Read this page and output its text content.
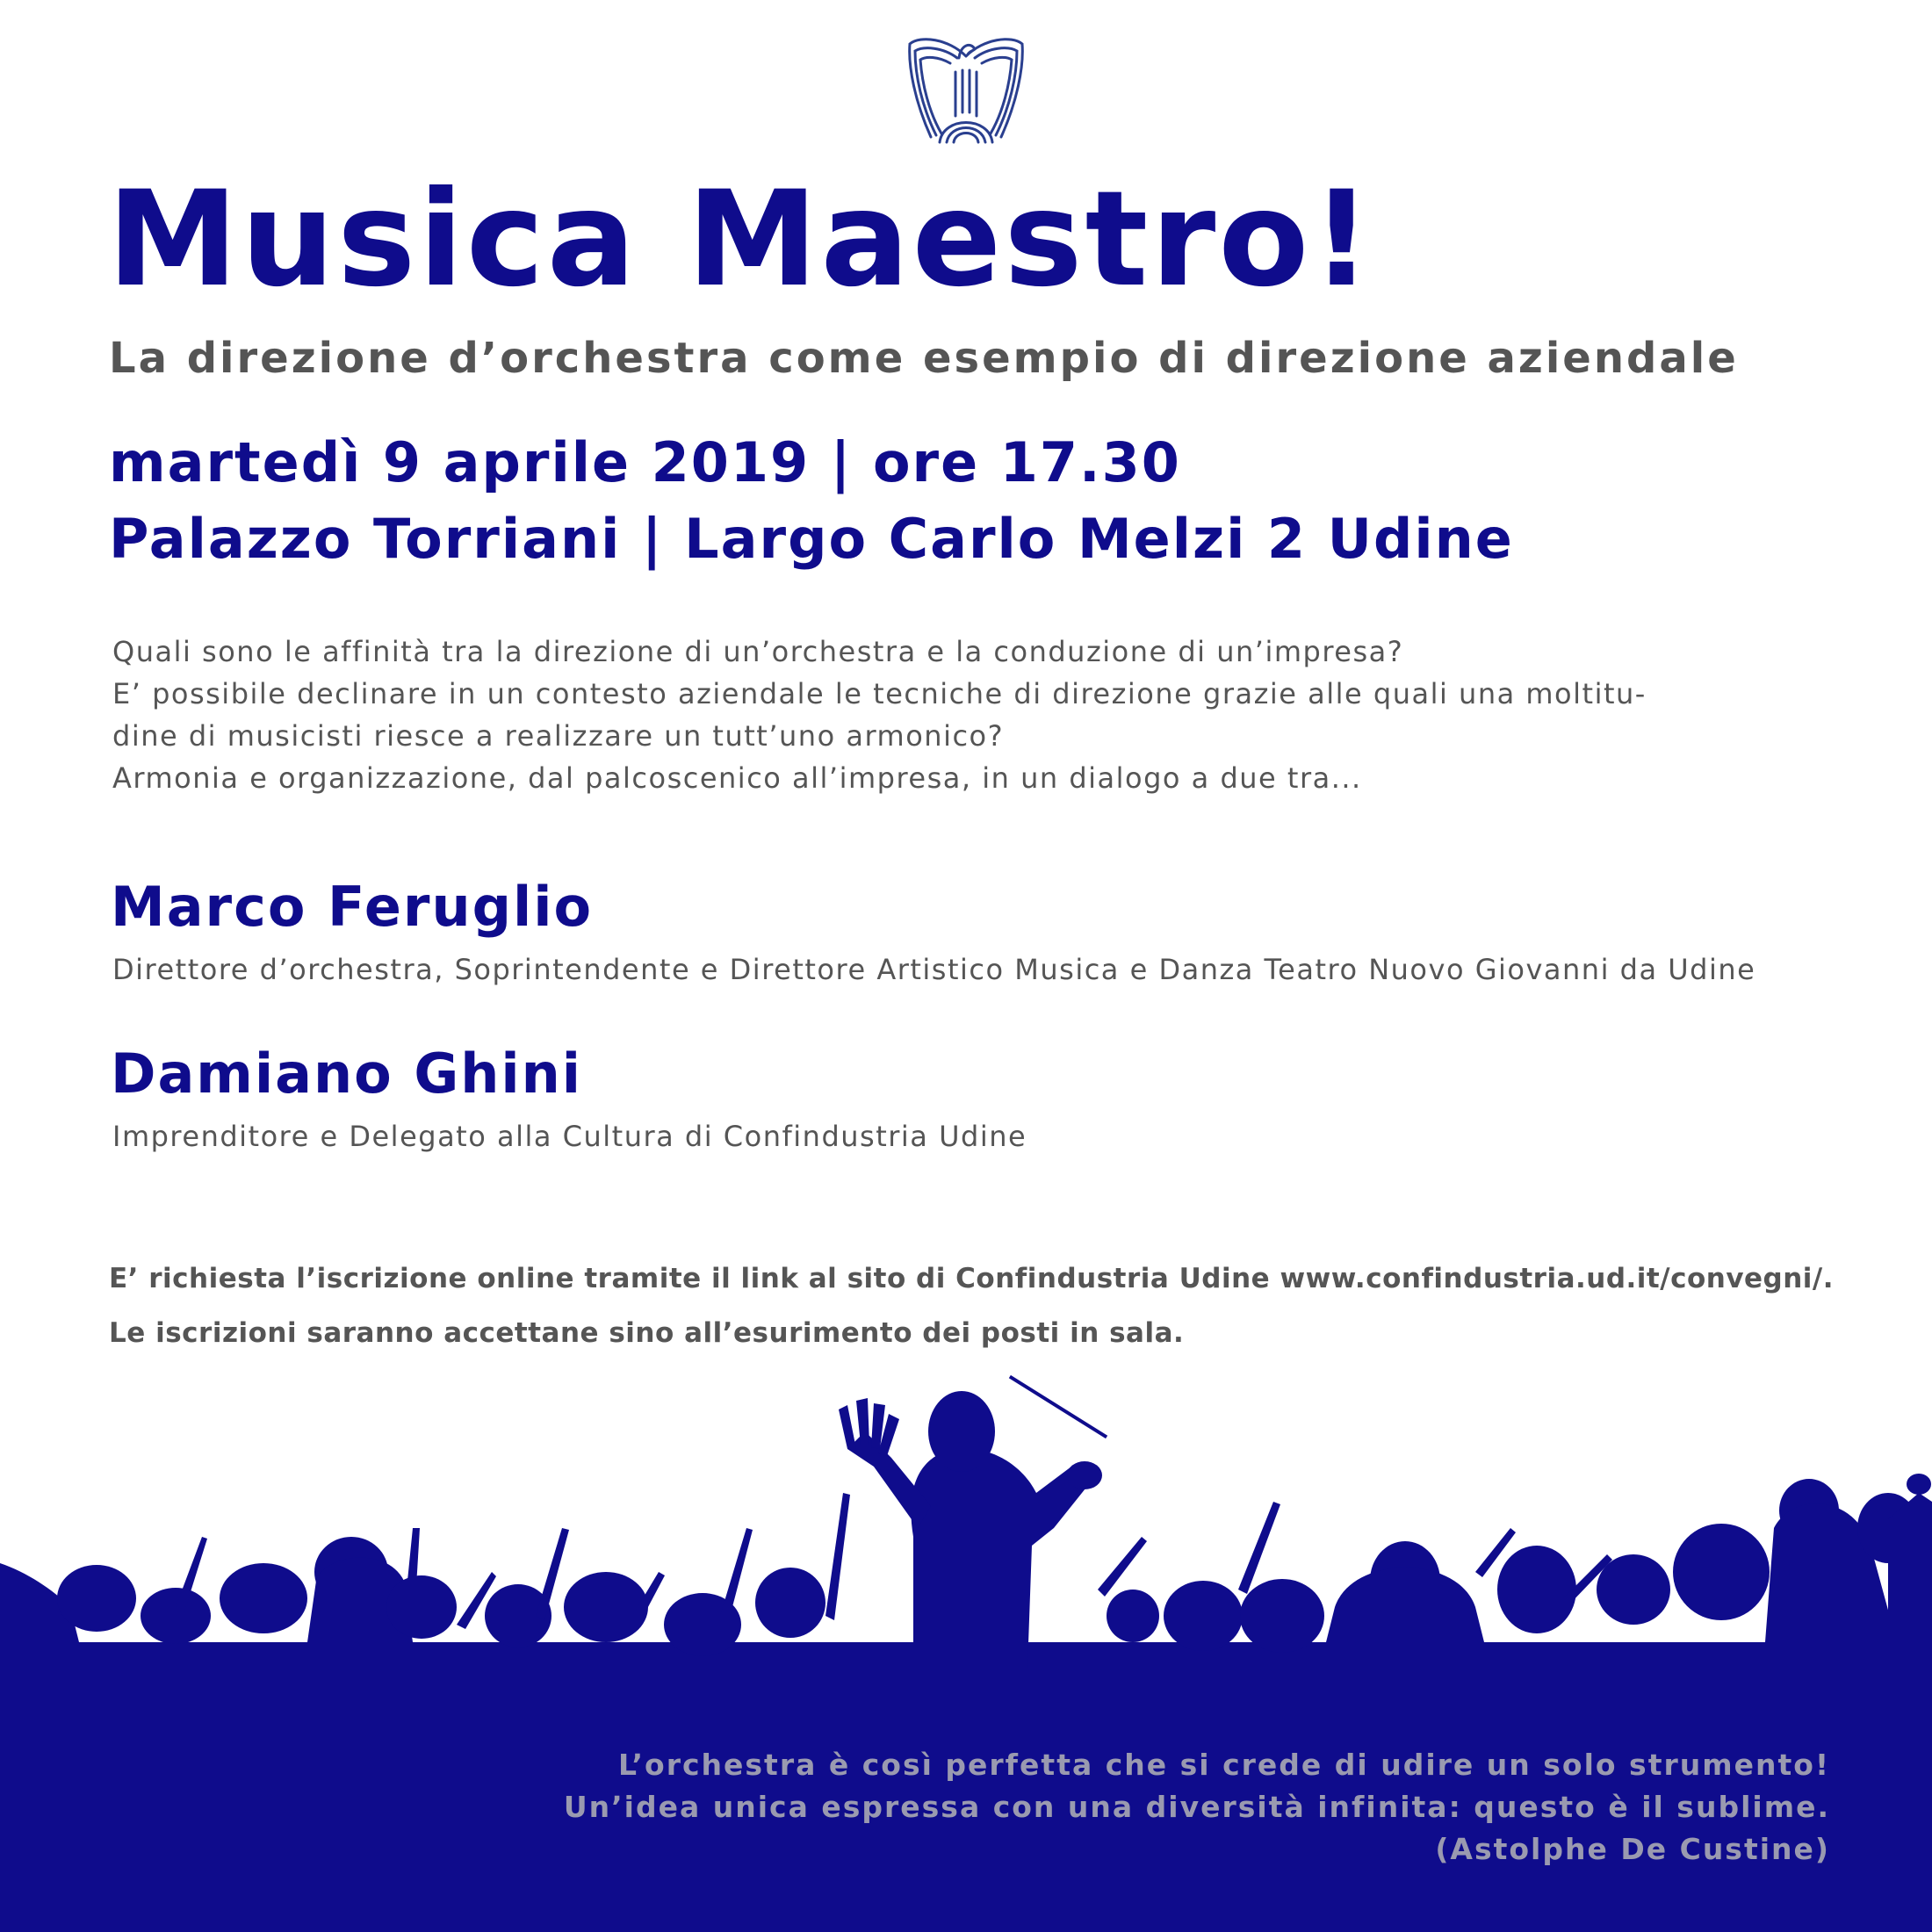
Musica Maestro!
La direzione d’orchestra come esempio di direzione aziendale
martedì 9 aprile 2019 | ore 17.30
Palazzo Torriani | Largo Carlo Melzi 2 Udine
Quali sono le affinità tra la direzione di un’orchestra e la conduzione di un’impresa?
E’ possibile declinare in un contesto aziendale le tecniche di direzione grazie alle quali una moltitu-
dine di musicisti riesce a realizzare un tutt’uno armonico?
Armonia e organizzazione, dal palcoscenico all’impresa, in un dialogo a due tra...
Marco Feruglio
Direttore d’orchestra, Soprintendente e Direttore Artistico Musica e Danza Teatro Nuovo Giovanni da Udine
Damiano Ghini
Imprenditore e Delegato alla Cultura di Confindustria Udine
E’ richiesta l’iscrizione online tramite il link al sito di Confindustria Udine www.confindustria.ud.it/convegni/.
Le iscrizioni saranno accettane sino all’esurimento dei posti in sala.
L’orchestra è così perfetta che si crede di udire un solo strumento!
Un’idea unica espressa con una diversità infinita: questo è il sublime.
(Astolphe De Custine)
